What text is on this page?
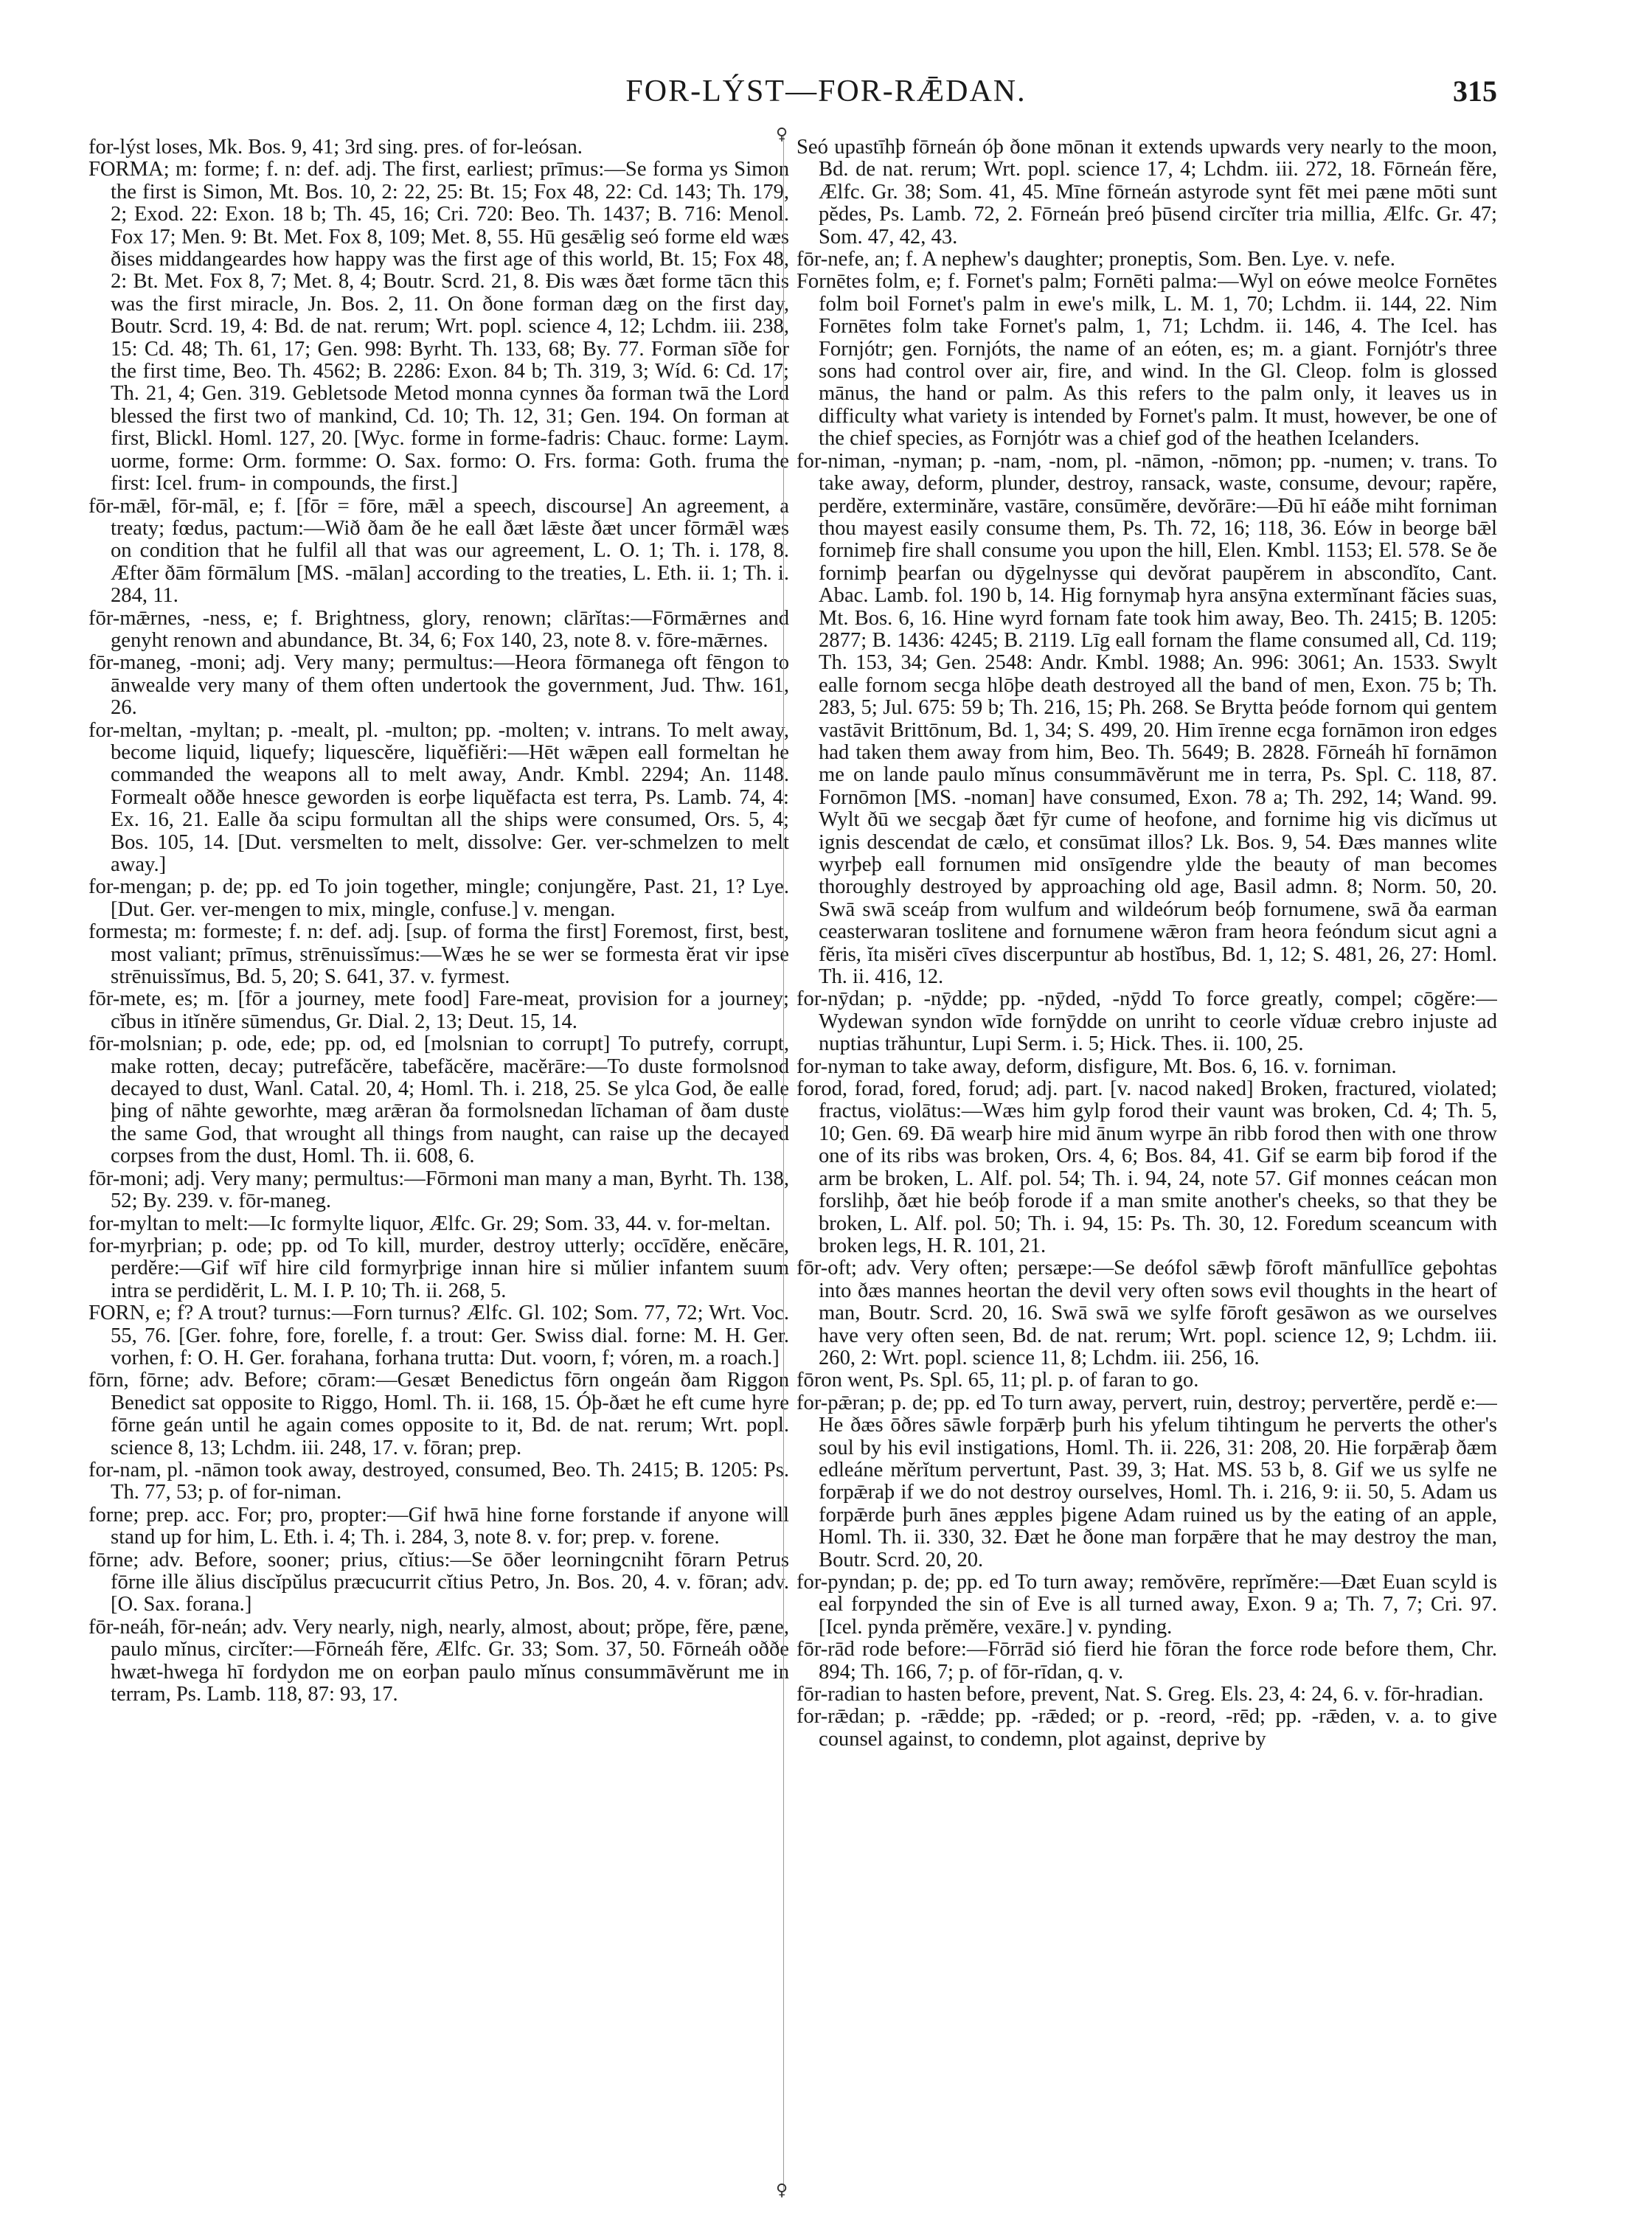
FOR-LÝST—FOR-RǢDAN.	315

for-lýst loses, Mk. Bos. 9, 41; 3rd sing. pres. of for-leósan.

FORMA; m: forme; f. n: def. adj. The first, earliest; prīmus:—Se forma ys Simon the first is Simon, Mt. Bos. 10, 2: 22, 25: Bt. 15; Fox 48, 22: Cd. 143; Th. 179, 2; Exod. 22: Exon. 18 b; Th. 45, 16; Cri. 720: Beo. Th. 1437; B. 716: Menol. Fox 17; Men. 9: Bt. Met. Fox 8, 109; Met. 8, 55. Hū gesǣlig seó forme eld wæs ðises middangeardes how happy was the first age of this world, Bt. 15; Fox 48, 2: Bt. Met. Fox 8, 7; Met. 8, 4; Boutr. Scrd. 21, 8. Ðis wæs ðæt forme tācn this was the first miracle, Jn. Bos. 2, 11. On ðone forman dæg on the first day, Boutr. Scrd. 19, 4: Bd. de nat. rerum; Wrt. popl. science 4, 12; Lchdm. iii. 238, 15: Cd. 48; Th. 61, 17; Gen. 998: Byrht. Th. 133, 68; By. 77. Forman sīðe for the first time, Beo. Th. 4562; B. 2286: Exon. 84 b; Th. 319, 3; Wíd. 6: Cd. 17; Th. 21, 4; Gen. 319. Gebletsode Metod monna cynnes ða forman twā the Lord blessed the first two of mankind, Cd. 10; Th. 12, 31; Gen. 194. On forman at first, Blickl. Homl. 127, 20. [Wyc. forme in forme-fadris: Chauc. forme: Laym. uorme, forme: Orm. formme: O. Sax. formo: O. Frs. forma: Goth. fruma the first: Icel. frum- in compounds, the first.]

fōr-mǣl, fōr-māl, e; f. [fōr = fōre, mǣl a speech, discourse] An agreement, a treaty; fœdus, pactum:—Wið ðam ðe he eall ðæt lǣste ðæt uncer fōrmǣl wæs on condition that he fulfil all that was our agreement, L. O. 1; Th. i. 178, 8. Æfter ðām fōrmālum [MS. -mālan] according to the treaties, L. Eth. ii. 1; Th. i. 284, 11.

fōr-mǣrnes, -ness, e; f. Brightness, glory, renown; clārĭtas:—Fōrmǣrnes and genyht renown and abundance, Bt. 34, 6; Fox 140, 23, note 8. v. fōre-mǣrnes.

fōr-maneg, -moni; adj. Very many; permultus:—Heora fōrmanega oft fēngon to ānwealde very many of them often undertook the government, Jud. Thw. 161, 26.

for-meltan, -myltan; p. -mealt, pl. -multon; pp. -molten; v. intrans. To melt away, become liquid, liquefy; liquescĕre, liquĕfiĕri:—Hēt wǣpen eall formeltan he commanded the weapons all to melt away, Andr. Kmbl. 2294; An. 1148. Formealt oððe hnesce geworden is eorþe liquĕfacta est terra, Ps. Lamb. 74, 4: Ex. 16, 21. Ealle ða scipu formultan all the ships were consumed, Ors. 5, 4; Bos. 105, 14. [Dut. versmelten to melt, dissolve: Ger. ver-schmelzen to melt away.]

for-mengan; p. de; pp. ed To join together, mingle; conjungĕre, Past. 21, 1? Lye. [Dut. Ger. ver-mengen to mix, mingle, confuse.] v. mengan.

formesta; m: formeste; f. n: def. adj. [sup. of forma the first] Foremost, first, best, most valiant; prīmus, strēnuissĭmus:—Wæs he se wer se formesta ĕrat vir ipse strēnuissĭmus, Bd. 5, 20; S. 641, 37. v. fyrmest.

fōr-mete, es; m. [fōr a journey, mete food] Fare-meat, provision for a journey; cĭbus in itĭnĕre sūmendus, Gr. Dial. 2, 13; Deut. 15, 14.

fōr-molsnian; p. ode, ede; pp. od, ed [molsnian to corrupt] To putrefy, corrupt, make rotten, decay; putrefăcĕre, tabefăcĕre, macĕrāre:—To duste formolsnod decayed to dust, Wanl. Catal. 20, 4; Homl. Th. i. 218, 25. Se ylca God, ðe ealle þing of nāhte geworhte, mæg arǣran ða formolsnedan līchaman of ðam duste the same God, that wrought all things from naught, can raise up the decayed corpses from the dust, Homl. Th. ii. 608, 6.

fōr-moni; adj. Very many; permultus:—Fōrmoni man many a man, Byrht. Th. 138, 52; By. 239. v. fōr-maneg.

for-myltan to melt:—Ic formylte liquor, Ælfc. Gr. 29; Som. 33, 44. v. for-meltan.

for-myrþrian; p. ode; pp. od To kill, murder, destroy utterly; occīdĕre, enĕcāre, perdĕre:—Gif wīf hire cild formyrþrige innan hire si mŭlier infantem suum intra se perdidĕrit, L. M. I. P. 10; Th. ii. 268, 5.

FORN, e; f? A trout? turnus:—Forn turnus? Ælfc. Gl. 102; Som. 77, 72; Wrt. Voc. 55, 76. [Ger. fohre, fore, forelle, f. a trout: Ger. Swiss dial. forne: M. H. Ger. vorhen, f: O. H. Ger. forahana, forhana trutta: Dut. voorn, f; vóren, m. a roach.]

fōrn, fōrne; adv. Before; cōram:—Gesæt Benedictus fōrn ongeán ðam Riggon Benedict sat opposite to Riggo, Homl. Th. ii. 168, 15. Óþ-ðæt he eft cume hyre fōrne geán until he again comes opposite to it, Bd. de nat. rerum; Wrt. popl. science 8, 13; Lchdm. iii. 248, 17. v. fōran; prep.

for-nam, pl. -nāmon took away, destroyed, consumed, Beo. Th. 2415; B. 1205: Ps. Th. 77, 53; p. of for-niman.

forne; prep. acc. For; pro, propter:—Gif hwā hine forne forstande if anyone will stand up for him, L. Eth. i. 4; Th. i. 284, 3, note 8. v. for; prep. v. forene.

fōrne; adv. Before, sooner; prius, cĭtius:—Se ōðer leorningcniht fōrarn Petrus fōrne ille ălius discĭpŭlus præcucurrit cĭtius Petro, Jn. Bos. 20, 4. v. fōran; adv. [O. Sax. forana.]

fōr-neáh, fōr-neán; adv. Very nearly, nigh, nearly, almost, about; prŏpe, fĕre, pæne, paulo mĭnus, circĭter:—Fōrneáh fĕre, Ælfc. Gr. 33; Som. 37, 50. Fōrneáh oððe hwæt-hwega hī fordydon me on eorþan paulo mĭnus consummāvĕrunt me in terram, Ps. Lamb. 118, 87: 93, 17.

♀
♀

Seó upastīhþ fōrneán óþ ðone mōnan it extends upwards very nearly to the moon, Bd. de nat. rerum; Wrt. popl. science 17, 4; Lchdm. iii. 272, 18. Fōrneán fĕre, Ælfc. Gr. 38; Som. 41, 45. Mīne fōrneán astyrode synt fēt mei pæne mōti sunt pĕdes, Ps. Lamb. 72, 2. Fōrneán þreó þūsend circĭter tria millia, Ælfc. Gr. 47; Som. 47, 42, 43.

fōr-nefe, an; f. A nephew's daughter; proneptis, Som. Ben. Lye. v. nefe.

Fornētes folm, e; f. Fornet's palm; Fornēti palma:—Wyl on eówe meolce Fornētes folm boil Fornet's palm in ewe's milk, L. M. 1, 70; Lchdm. ii. 144, 22. Nim Fornētes folm take Fornet's palm, 1, 71; Lchdm. ii. 146, 4. The Icel. has Fornjótr; gen. Fornjóts, the name of an eóten, es; m. a giant. Fornjótr's three sons had control over air, fire, and wind. In the Gl. Cleop. folm is glossed mānus, the hand or palm. As this refers to the palm only, it leaves us in difficulty what variety is intended by Fornet's palm. It must, however, be one of the chief species, as Fornjótr was a chief god of the heathen Icelanders.

for-niman, -nyman; p. -nam, -nom, pl. -nāmon, -nōmon; pp. -numen; v. trans. To take away, deform, plunder, destroy, ransack, waste, consume, devour; rapĕre, perdĕre, exterminăre, vastāre, consūmĕre, devŏrāre:—Ðū hī eáðe miht forniman thou mayest easily consume them, Ps. Th. 72, 16; 118, 36. Eów in beorge bǣl fornimeþ fire shall consume you upon the hill, Elen. Kmbl. 1153; El. 578. Se ðe fornimþ þearfan ou dȳgelnysse qui devŏrat paupĕrem in abscondĭto, Cant. Abac. Lamb. fol. 190 b, 14. Hig fornymaþ hyra ansȳna extermĭnant făcies suas, Mt. Bos. 6, 16. Hine wyrd fornam fate took him away, Beo. Th. 2415; B. 1205: 2877; B. 1436: 4245; B. 2119. Līg eall fornam the flame consumed all, Cd. 119; Th. 153, 34; Gen. 2548: Andr. Kmbl. 1988; An. 996: 3061; An. 1533. Swylt ealle fornom secga hlōþe death destroyed all the band of men, Exon. 75 b; Th. 283, 5; Jul. 675: 59 b; Th. 216, 15; Ph. 268. Se Brytta þeóde fornom qui gentem vastāvit Brittōnum, Bd. 1, 34; S. 499, 20. Him īrenne ecga fornāmon iron edges had taken them away from him, Beo. Th. 5649; B. 2828. Fōrneáh hī fornāmon me on lande paulo mĭnus consummāvĕrunt me in terra, Ps. Spl. C. 118, 87. Fornōmon [MS. -noman] have consumed, Exon. 78 a; Th. 292, 14; Wand. 99. Wylt ðū we secgaþ ðæt fȳr cume of heofone, and fornime hig vis dicĭmus ut ignis descendat de cælo, et consūmat illos? Lk. Bos. 9, 54. Ðæs mannes wlite wyrþeþ eall fornumen mid onsīgendre ylde the beauty of man becomes thoroughly destroyed by approaching old age, Basil admn. 8; Norm. 50, 20. Swā swā sceáp from wulfum and wildeórum beóþ fornumene, swā ða earman ceasterwaran toslitene and fornumene wǣron fram heora feóndum sicut agni a fĕris, ĭta misĕri cīves discerpuntur ab hostĭbus, Bd. 1, 12; S. 481, 26, 27: Homl. Th. ii. 416, 12.

for-nȳdan; p. -nȳdde; pp. -nȳded, -nȳdd To force greatly, compel; cōgĕre:—Wydewan syndon wīde fornȳdde on unriht to ceorle vĭduæ crebro injuste ad nuptias trăhuntur, Lupi Serm. i. 5; Hick. Thes. ii. 100, 25.

for-nyman to take away, deform, disfigure, Mt. Bos. 6, 16. v. forniman.

forod, forad, fored, forud; adj. part. [v. nacod naked] Broken, fractured, violated; fractus, violātus:—Wæs him gylp forod their vaunt was broken, Cd. 4; Th. 5, 10; Gen. 69. Ðā wearþ hire mid ānum wyrpe ān ribb forod then with one throw one of its ribs was broken, Ors. 4, 6; Bos. 84, 41. Gif se earm biþ forod if the arm be broken, L. Alf. pol. 54; Th. i. 94, 24, note 57. Gif monnes ceácan mon forslihþ, ðæt hie beóþ forode if a man smite another's cheeks, so that they be broken, L. Alf. pol. 50; Th. i. 94, 15: Ps. Th. 30, 12. Foredum sceancum with broken legs, H. R. 101, 21.

fōr-oft; adv. Very often; persæpe:—Se deófol sǣwþ fōroft mānfullīce geþohtas into ðæs mannes heortan the devil very often sows evil thoughts in the heart of man, Boutr. Scrd. 20, 16. Swā swā we sylfe fōroft gesāwon as we ourselves have very often seen, Bd. de nat. rerum; Wrt. popl. science 12, 9; Lchdm. iii. 260, 2: Wrt. popl. science 11, 8; Lchdm. iii. 256, 16.

fōron went, Ps. Spl. 65, 11; pl. p. of faran to go.

for-pǣran; p. de; pp. ed To turn away, pervert, ruin, destroy; pervertĕre, perdĕ e:—He ðæs ōðres sāwle forpǣrþ þurh his yfelum tihtingum he perverts the other's soul by his evil instigations, Homl. Th. ii. 226, 31: 208, 20. Hie forpǣraþ ðæm edleáne mĕrĭtum pervertunt, Past. 39, 3; Hat. MS. 53 b, 8. Gif we us sylfe ne forpǣraþ if we do not destroy ourselves, Homl. Th. i. 216, 9: ii. 50, 5. Adam us forpǣrde þurh ānes æpples þigene Adam ruined us by the eating of an apple, Homl. Th. ii. 330, 32. Ðæt he ðone man forpǣre that he may destroy the man, Boutr. Scrd. 20, 20.

for-pyndan; p. de; pp. ed To turn away; remŏvēre, reprĭmĕre:—Ðæt Euan scyld is eal forpynded the sin of Eve is all turned away, Exon. 9 a; Th. 7, 7; Cri. 97. [Icel. pynda prĕmĕre, vexāre.] v. pynding.

fōr-rād rode before:—Fōrrād sió fierd hie fōran the force rode before them, Chr. 894; Th. 166, 7; p. of fōr-rīdan, q. v.

fōr-radian to hasten before, prevent, Nat. S. Greg. Els. 23, 4: 24, 6. v. fōr-hradian.

for-rǣdan; p. -rǣdde; pp. -rǣded; or p. -reord, -rēd; pp. -rǣden, v. a. to give counsel against, to condemn, plot against, deprive by
